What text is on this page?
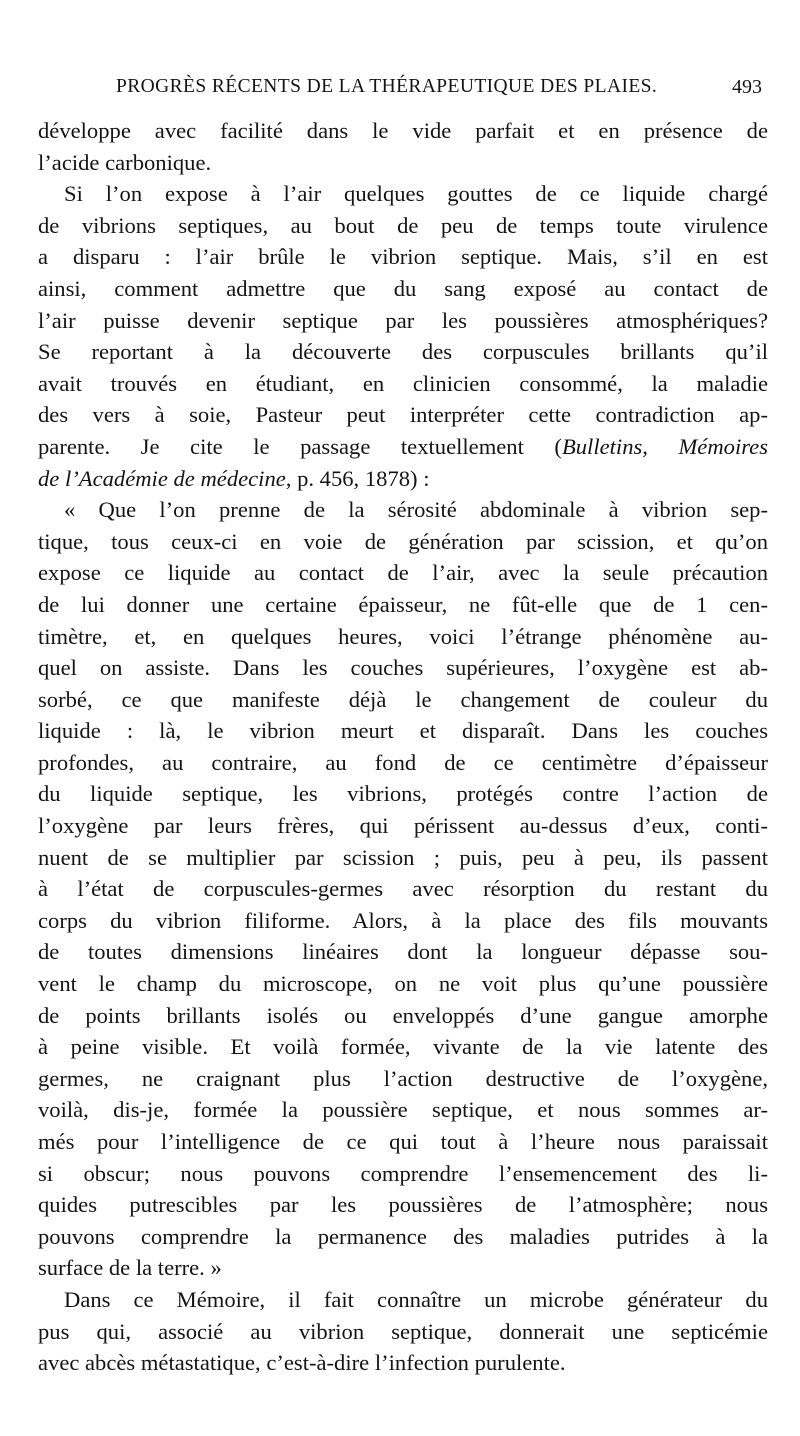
PROGRÈS RÉCENTS DE LA THÉRAPEUTIQUE DES PLAIES.	493
développe avec facilité dans le vide parfait et en présence de
l’acide carbonique.
Si l’on expose à l’air quelques gouttes de ce liquide chargé
de vibrions septiques, au bout de peu de temps toute virulence
a disparu : l’air brûle le vibrion septique. Mais, s’il en est
ainsi, comment admettre que du sang exposé au contact de
l’air puisse devenir septique par les poussières atmosphériques?
Se reportant à la découverte des corpuscules brillants qu’il
avait trouvés en étudiant, en clinicien consommé, la maladie
des vers à soie, Pasteur peut interpréter cette contradiction ap-
parente. Je cite le passage textuellement (Bulletins, Mémoires
de l’Académie de médecine, p. 456, 1878) :
« Que l’on prenne de la sérosité abdominale à vibrion sep-
tique, tous ceux-ci en voie de génération par scission, et qu’on
expose ce liquide au contact de l’air, avec la seule précaution
de lui donner une certaine épaisseur, ne fût-elle que de 1 cen-
timètre, et, en quelques heures, voici l’étrange phénomène au-
quel on assiste. Dans les couches supérieures, l’oxygène est ab-
sorbé, ce que manifeste déjà le changement de couleur du
liquide : là, le vibrion meurt et disparaît. Dans les couches
profondes, au contraire, au fond de ce centimètre d’épaisseur
du liquide septique, les vibrions, protégés contre l’action de
l’oxygène par leurs frères, qui périssent au-dessus d’eux, conti-
nuent de se multiplier par scission ; puis, peu à peu, ils passent
à l’état de corpuscules-germes avec résorption du restant du
corps du vibrion filiforme. Alors, à la place des fils mouvants
de toutes dimensions linéaires dont la longueur dépasse sou-
vent le champ du microscope, on ne voit plus qu’une poussière
de points brillants isolés ou enveloppés d’une gangue amorphe
à peine visible. Et voilà formée, vivante de la vie latente des
germes, ne craignant plus l’action destructive de l’oxygène,
voilà, dis-je, formée la poussière septique, et nous sommes ar-
més pour l’intelligence de ce qui tout à l’heure nous paraissait
si obscur; nous pouvons comprendre l’ensemencement des li-
quides putrescibles par les poussières de l’atmosphère; nous
pouvons comprendre la permanence des maladies putrides à la
surface de la terre. »
Dans ce Mémoire, il fait connaître un microbe générateur du
pus qui, associé au vibrion septique, donnerait une septicémie
avec abcès métastatique, c’est-à-dire l’infection purulente.
